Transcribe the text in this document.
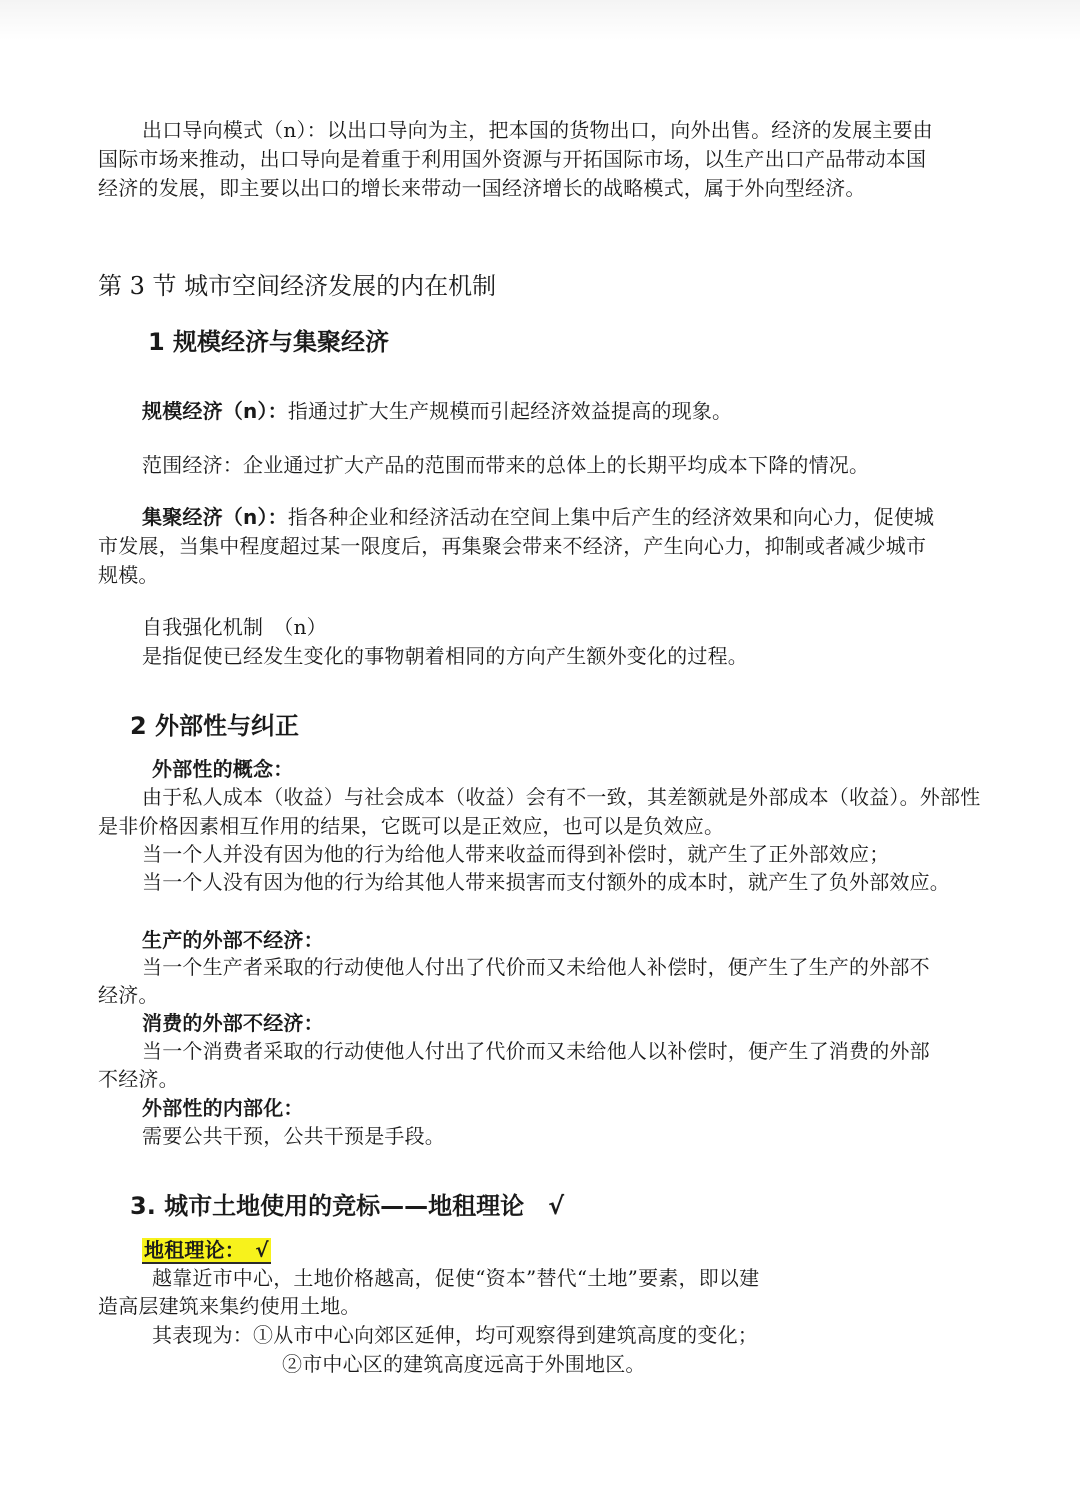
出口导向模式（n）：以出口导向为主，把本国的货物出口，向外出售。经济的发展主要由
国际市场来推动，出口导向是着重于利用国外资源与开拓国际市场，以生产出口产品带动本国
经济的发展，即主要以出口的增长来带动一国经济增长的战略模式，属于外向型经济。
第 3 节 城市空间经济发展的内在机制
1 规模经济与集聚经济
规模经济（n）：指通过扩大生产规模而引起经济效益提高的现象。
范围经济：企业通过扩大产品的范围而带来的总体上的长期平均成本下降的情况。
集聚经济（n）：指各种企业和经济活动在空间上集中后产生的经济效果和向心力，促使城
市发展，当集中程度超过某一限度后，再集聚会带来不经济，产生向心力，抑制或者减少城市
规模。
自我强化机制　（n）
是指促使已经发生变化的事物朝着相同的方向产生额外变化的过程。
2 外部性与纠正
外部性的概念：
由于私人成本（收益）与社会成本（收益）会有不一致，其差额就是外部成本（收益）。外部性
是非价格因素相互作用的结果，它既可以是正效应，也可以是负效应。
当一个人并没有因为他的行为给他人带来收益而得到补偿时，就产生了正外部效应；
当一个人没有因为他的行为给其他人带来损害而支付额外的成本时，就产生了负外部效应。
生产的外部不经济：
当一个生产者采取的行动使他人付出了代价而又未给他人补偿时，便产生了生产的外部不
经济。
消费的外部不经济：
当一个消费者采取的行动使他人付出了代价而又未给他人以补偿时，便产生了消费的外部
不经济。
外部性的内部化：
需要公共干预，公共干预是手段。
3. 城市土地使用的竞标——地租理论　√
地租理论：　√
越靠近市中心，土地价格越高，促使“资本”替代“土地”要素，即以建
造高层建筑来集约使用土地。
其表现为：①从市中心向郊区延伸，均可观察得到建筑高度的变化；
②市中心区的建筑高度远高于外围地区。
